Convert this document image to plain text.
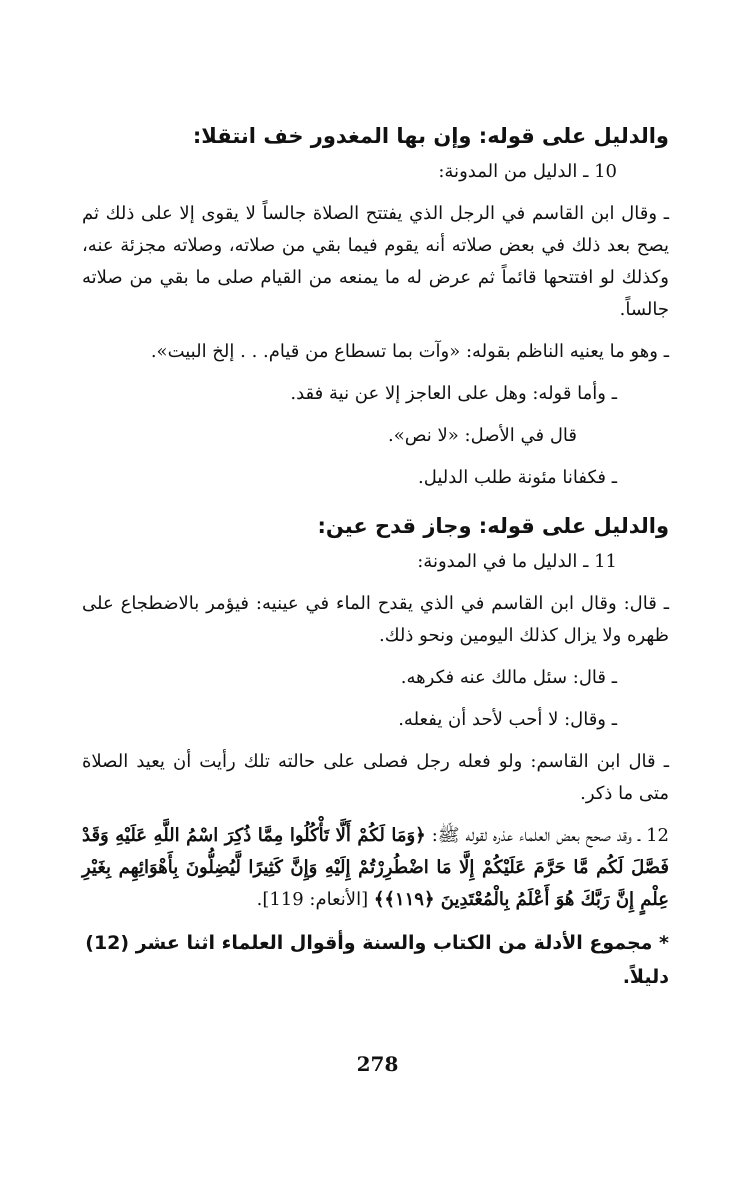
والدليل على قوله: وإن بها المغدور خف انتقلا:
10 ـ الدليل من المدونة:

ـ وقال ابن القاسم في الرجل الذي يفتتح الصلاة جالساً لا يقوى إلا على ذلك ثم يصح بعد ذلك في بعض صلاته أنه يقوم فيما بقي من صلاته، وصلاته مجزئة عنه، وكذلك لو افتتحها قائماً ثم عرض له ما يمنعه من القيام صلى ما بقي من صلاته جالساً.

ـ وهو ما يعنيه الناظم بقوله: «وآت بما تسطاع من قيام. . . إلخ البيت».
ـ وأما قوله: وهل على العاجز إلا عن نية فقد.
قال في الأصل: «لا نص».
ـ فكفانا مئونة طلب الدليل.
والدليل على قوله: وجاز قدح عين:
11 ـ الدليل ما في المدونة:

ـ قال: وقال ابن القاسم في الذي يقدح الماء في عينيه: فيؤمر بالاضطجاع على ظهره ولا يزال كذلك اليومين ونحو ذلك.

ـ قال: سئل مالك عنه فكرهه.
ـ وقال: لا أحب لأحد أن يفعله.

ـ قال ابن القاسم: ولو فعله رجل فصلى على حالته تلك رأيت أن يعيد الصلاة متى ما ذكر.

12 ـ وقد صحح بعض العلماء عذره لقوله ﷺ: ﴿وَمَا لَكُمْ أَلَّا تَأْكُلُوا مِمَّا ذُكِرَ اسْمُ اللَّهِ عَلَيْهِ وَقَدْ فَصَّلَ لَكُم مَّا حَرَّمَ عَلَيْكُمْ إِلَّا مَا اضْطُرِرْتُمْ إِلَيْهِ وَإِنَّ كَثِيرًا لَّيُضِلُّونَ بِأَهْوَائِهِم بِغَيْرِ عِلْمٍ إِنَّ رَبَّكَ هُوَ أَعْلَمُ بِالْمُعْتَدِينَ ﴿١١٩﴾﴾ [الأنعام: 119].

* مجموع الأدلة من الكتاب والسنة وأقوال العلماء اثنا عشر (12) دليلاً.

278
